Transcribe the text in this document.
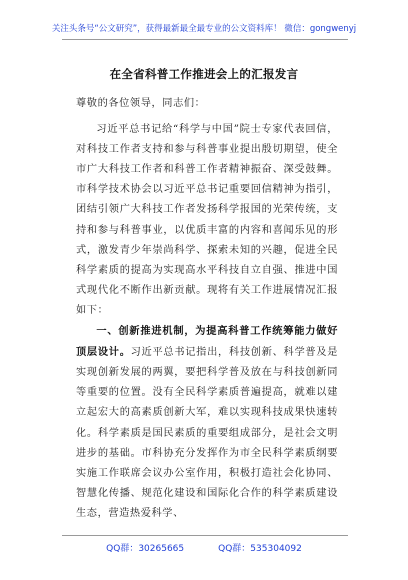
关注头条号“公文研究”，获得最新最全最专业的公文资料库！ 微信：gongwenyj
在全省科普工作推进会上的汇报发言

尊敬的各位领导，同志们：

习近平总书记给“科学与中国”院士专家代表回信，对科技工作者支持和参与科普事业提出殷切期望，使全市广大科技工作者和科普工作者精神振奋、深受鼓舞。市科学技术协会以习近平总书记重要回信精神为指引，团结引领广大科技工作者发扬科学报国的光荣传统，支持和参与科普事业，以优质丰富的内容和喜闻乐见的形式，激发青少年崇尚科学、探索未知的兴趣，促进全民科学素质的提高为实现高水平科技自立自强、推进中国式现代化不断作出新贡献。现将有关工作进展情况汇报如下：

一、创新推进机制，为提高科普工作统筹能力做好顶层设计。习近平总书记指出，科技创新、科学普及是实现创新发展的两翼，要把科学普及放在与科技创新同等重要的位置。没有全民科学素质普遍提高，就难以建立起宏大的高素质创新大军，难以实现科技成果快速转化。科学素质是国民素质的重要组成部分，是社会文明进步的基础。市科协充分发挥作为市全民科学素质纲要实施工作联席会议办公室作用，积极打造社会化协同、智慧化传播、规范化建设和国际化合作的科学素质建设生态，营造热爱科学、

QQ群：30265665	QQ群：535304092
